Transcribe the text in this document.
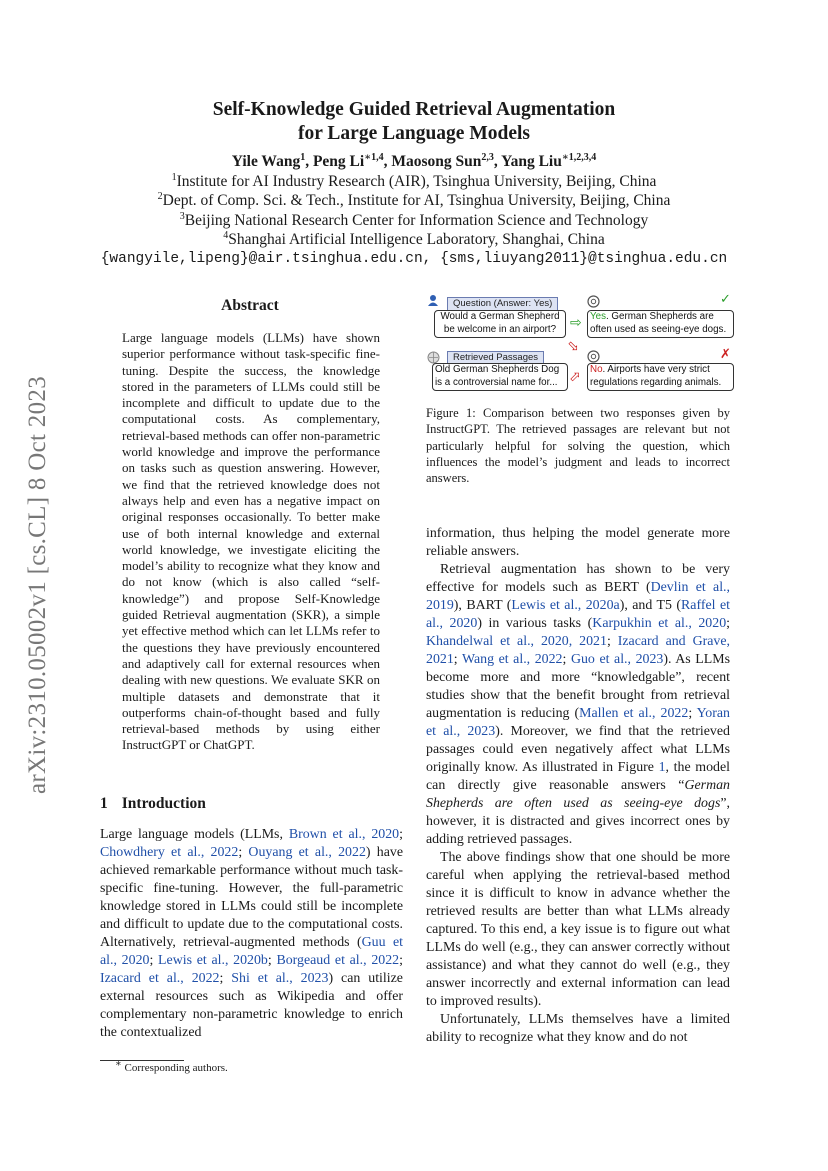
arXiv:2310.05002v1 [cs.CL] 8 Oct 2023
Self-Knowledge Guided Retrieval Augmentation
for Large Language Models
Yile Wang$^1$, Peng $Li^{∗1,4}$, Maosong Sun$^{2,3}$, Yang Liu$^{∗1,2,3,4}$
$^1$Institute for AI Industry Research (AIR), Tsinghua University, Beijing, China
$^2$Dept. of Comp. Sci. & Tech., Institute for AI, Tsinghua University, Beijing, China
$^3$Beijing National Research Center for Information Science and Technology
$^4$Shanghai Artificial Intelligence Laboratory, Shanghai, China
{wangyile,lipeng}@air.tsinghua.edu.cn, {sms,liuyang2011}@tsinghua.edu.cn
Abstract
Large language models (LLMs) have shown superior performance without task-specific fine-tuning. Despite the success, the knowledge stored in the parameters of LLMs could still be incomplete and difficult to update due to the computational costs. As complementary, retrieval-based methods can offer non-parametric world knowledge and improve the performance on tasks such as question answering. However, we find that the retrieved knowledge does not always help and even has a negative impact on original responses occasionally. To better make use of both internal knowledge and external world knowledge, we investigate eliciting the model’s ability to recognize what they know and do not know (which is also called “self-knowledge”) and propose Self-Knowledge guided Retrieval augmentation (SKR), a simple yet effective method which can let LLMs refer to the questions they have previously encountered and adaptively call for external resources when dealing with new questions. We evaluate SKR on multiple datasets and demonstrate that it outperforms chain-of-thought based and fully retrieval-based methods by using either InstructGPT or ChatGPT.
1 Introduction
Large language models (LLMs, Brown et al., 2020; Chowdhery et al., 2022; Ouyang et al., 2022) have achieved remarkable performance without much task-specific fine-tuning. However, the full-parametric knowledge stored in LLMs could still be incomplete and difficult to update due to the computational costs. Alternatively, retrieval-augmented methods (Guu et al., 2020; Lewis et al., 2020b; Borgeaud et al., 2022; Izacard et al., 2022; Shi et al., 2023) can utilize external resources such as Wikipedia and offer complementary non-parametric knowledge to enrich the contextualized
∗ Corresponding authors.
Question (Answer: Yes)
Would a German Shepherd
be welcome in an airport? ⇨
✓
Yes. German Shepherds are
often used as seeing-eye dogs.
⇨
Retrieved Passages
Old German Shepherds Dog
is a controversial name for... ⇨
✗
No. Airports have very strict
regulations regarding animals.
Figure 1: Comparison between two responses given by InstructGPT. The retrieved passages are relevant but not particularly helpful for solving the question, which influences the model’s judgment and leads to incorrect answers.

information, thus helping the model generate more reliable answers.

Retrieval augmentation has shown to be very effective for models such as BERT (Devlin et al., 2019), BART (Lewis et al., 2020a), and T5 (Raffel et al., 2020) in various tasks (Karpukhin et al., 2020; Khandelwal et al., 2020, 2021; Izacard and Grave, 2021; Wang et al., 2022; Guo et al., 2023). As LLMs become more and more “knowledgable”, recent studies show that the benefit brought from retrieval augmentation is reducing (Mallen et al., 2022; Yoran et al., 2023). Moreover, we find that the retrieved passages could even negatively affect what LLMs originally know. As illustrated in Figure 1, the model can directly give reasonable answers “German Shepherds are often used as seeing-eye dogs”, however, it is distracted and gives incorrect ones by adding retrieved passages.

The above findings show that one should be more careful when applying the retrieval-based method since it is difficult to know in advance whether the retrieved results are better than what LLMs already captured. To this end, a key issue is to figure out what LLMs do well (e.g., they can answer correctly without assistance) and what they cannot do well (e.g., they answer incorrectly and external information can lead to improved results).

Unfortunately, LLMs themselves have a limited ability to recognize what they know and do not
